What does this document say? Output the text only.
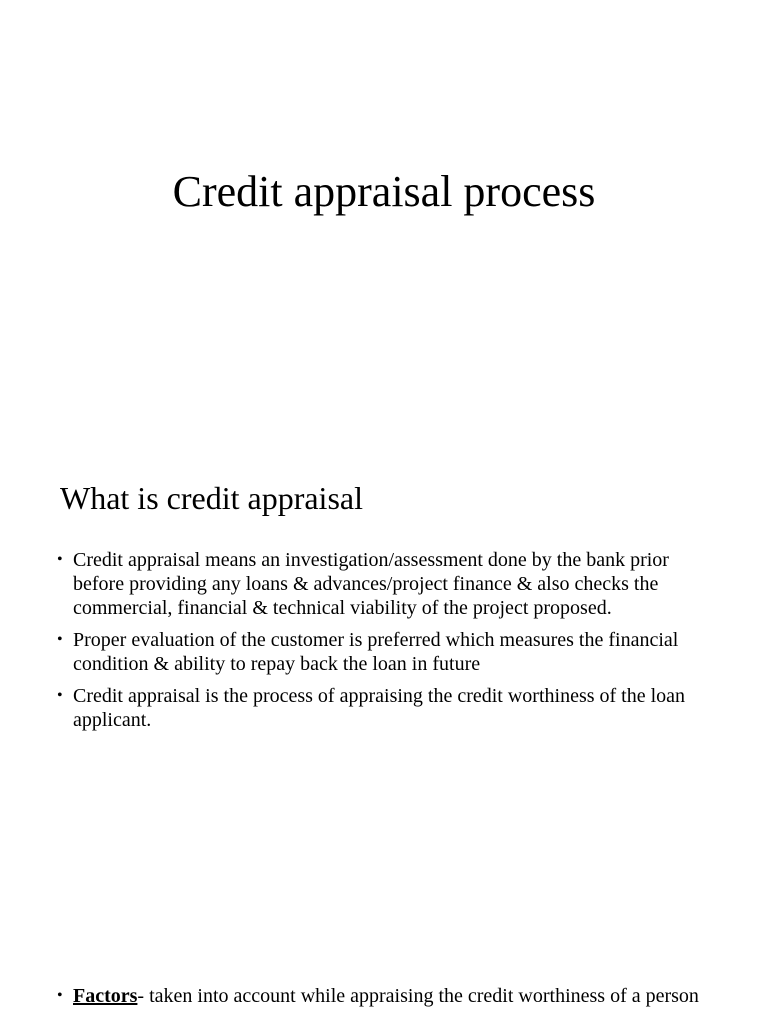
Credit appraisal process
What is credit appraisal
• Credit appraisal means an investigation/assessment done by the bank prior before providing any loans & advances/project finance & also checks the commercial, financial & technical viability of the project proposed.
• Proper evaluation of the customer is preferred which measures the financial condition & ability to repay back the loan in future
• Credit appraisal is the process of appraising the credit worthiness of the loan applicant.
• Factors- taken into account while appraising the credit worthiness of a person
